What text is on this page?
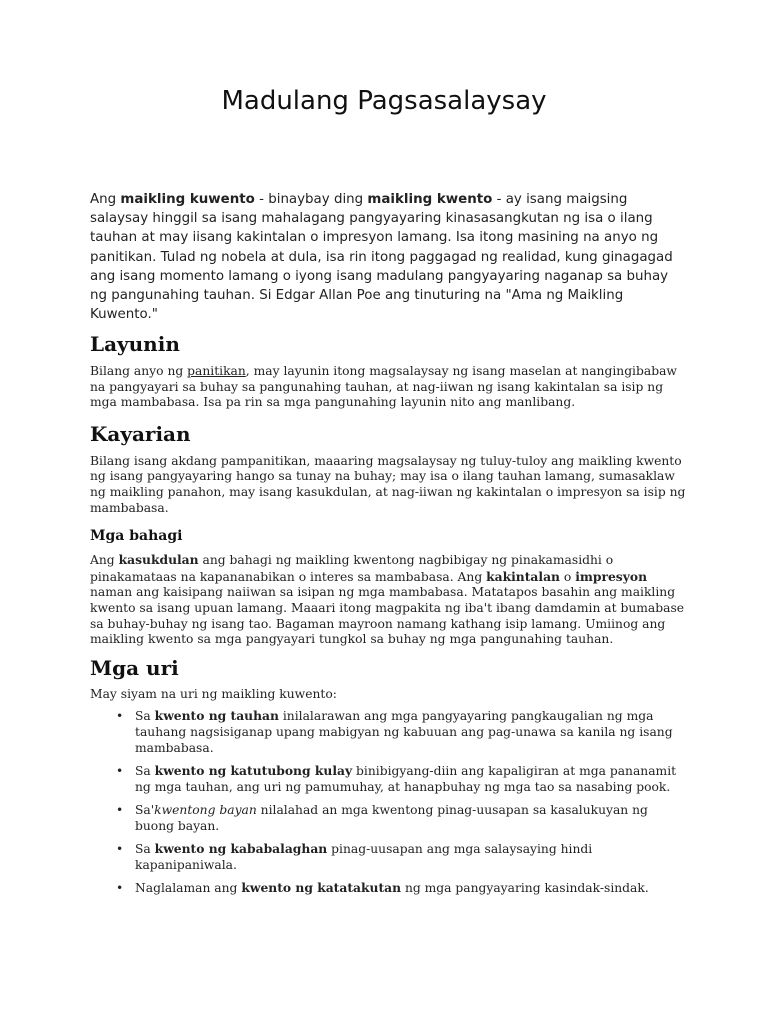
Madulang Pagsasalaysay

Ang maikling kuwento - binaybay ding maikling kwento - ay isang maigsing salaysay hinggil sa isang mahalagang pangyayaring kinasasangkutan ng isa o ilang tauhan at may iisang kakintalan o impresyon lamang. Isa itong masining na anyo ng panitikan. Tulad ng nobela at dula, isa rin itong paggagad ng realidad, kung ginagagad ang isang momento lamang o iyong isang madulang pangyayaring naganap sa buhay ng pangunahing tauhan. Si Edgar Allan Poe ang tinuturing na "Ama ng Maikling Kuwento."

Layunin

Bilang anyo ng panitikan, may layunin itong magsalaysay ng isang maselan at nangingibabaw na pangyayari sa buhay sa pangunahing tauhan, at nag-iiwan ng isang kakintalan sa isip ng mga mambabasa. Isa pa rin sa mga pangunahing layunin nito ang manlibang.

Kayarian

Bilang isang akdang pampanitikan, maaaring magsalaysay ng tuluy-tuloy ang maikling kwento ng isang pangyayaring hango sa tunay na buhay; may isa o ilang tauhan lamang, sumasaklaw ng maikling panahon, may isang kasukdulan, at nag-iiwan ng kakintalan o impresyon sa isip ng mambabasa.

Mga bahagi

Ang kasukdulan ang bahagi ng maikling kwentong nagbibigay ng pinakamasidhi o pinakamataas na kapananabikan o interes sa mambabasa. Ang kakintalan o impresyon naman ang kaisipang naiiwan sa isipan ng mga mambabasa. Matatapos basahin ang maikling kwento sa isang upuan lamang. Maaari itong magpakita ng iba't ibang damdamin at bumabase sa buhay-buhay ng isang tao. Bagaman mayroon namang kathang isip lamang. Umiinog ang maikling kwento sa mga pangyayari tungkol sa buhay ng mga pangunahing tauhan.

Mga uri

May siyam na uri ng maikling kuwento:

• Sa kwento ng tauhan inilalarawan ang mga pangyayaring pangkaugalian ng mga tauhang nagsisiganap upang mabigyan ng kabuuan ang pag-unawa sa kanila ng isang mambabasa.
• Sa kwento ng katutubong kulay binibigyang-diin ang kapaligiran at mga pananamit ng mga tauhan, ang uri ng pamumuhay, at hanapbuhay ng mga tao sa nasabing pook.
• Sa'kwentong bayan nilalahad an mga kwentong pinag-uusapan sa kasalukuyan ng buong bayan.
• Sa kwento ng kababalaghan pinag-uusapan ang mga salaysaying hindi kapanipaniwala.
• Naglalaman ang kwento ng katatakutan ng mga pangyayaring kasindak-sindak.
